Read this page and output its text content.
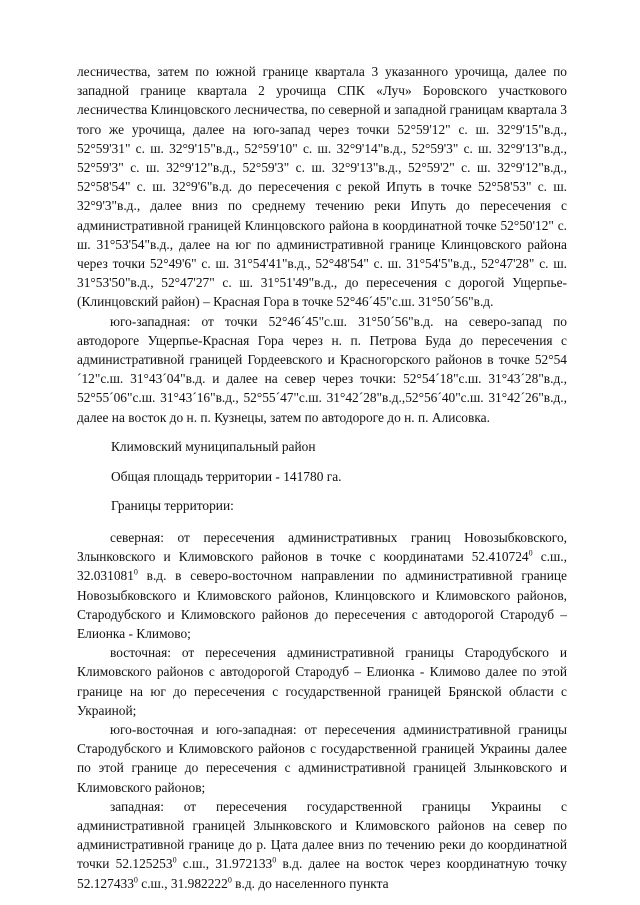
лесничества, затем по южной границе квартала 3 указанного урочища, далее по западной границе квартала 2 урочища СПК «Луч» Боровского участкового лесничества Клинцовского лесничества, по северной и западной границам квартала 3 того же урочища, далее на юго-запад через точки 52°59'12" с. ш. 32°9'15"в.д., 52°59'31" с. ш. 32°9'15"в.д., 52°59'10" с. ш. 32°9'14"в.д., 52°59'3" с. ш. 32°9'13"в.д., 52°59'3" с. ш. 32°9'12"в.д., 52°59'3" с. ш. 32°9'13"в.д., 52°59'2" с. ш. 32°9'12"в.д., 52°58'54" с. ш. 32°9'6"в.д. до пересечения с рекой Ипуть в точке 52°58'53" с. ш. 32°9'3"в.д., далее вниз по среднему течению реки Ипуть до пересечения с административной границей Клинцовского района в координатной точке 52°50'12" с. ш. 31°53'54"в.д., далее на юг по административной границе Клинцовского района через точки 52°49'6" с. ш. 31°54'41"в.д., 52°48'54" с. ш. 31°54'5"в.д., 52°47'28" с. ш. 31°53'50"в.д., 52°47'27" с. ш. 31°51'49"в.д., до пересечения с дорогой Ущерпье-(Клинцовский район) – Красная Гора в точке 52°46´45"с.ш. 31°50´56"в.д.

юго-западная: от точки 52°46´45"с.ш. 31°50´56"в.д. на северо-запад по автодороге Ущерпье-Красная Гора через н. п. Петрова Буда до пересечения с административной границей Гордеевского и Красногорского районов в точке 52°54´12"с.ш. 31°43´04"в.д. и далее на север через точки: 52°54´18"с.ш. 31°43´28"в.д., 52°55´06"с.ш. 31°43´16"в.д., 52°55´47"с.ш. 31°42´28"в.д.,52°56´40"с.ш. 31°42´26"в.д., далее на восток до н. п. Кузнецы, затем по автодороге до н. п. Алисовка.

Климовский муниципальный район

Общая площадь территории - 141780 га.

Границы территории:

северная: от пересечения административных границ Новозыбковского, Злынковского и Климовского районов в точке с координатами 52.410724$^0$ с.ш., 32.031081$^0$ в.д. в северо-восточном направлении по административной границе Новозыбковского и Климовского районов, Клинцовского и Климовского районов, Стародубского и Климовского районов до пересечения с автодорогой Стародуб – Елионка - Климово;

восточная: от пересечения административной границы Стародубского и Климовского районов с автодорогой Стародуб – Елионка - Климово далее по этой границе на юг до пересечения с государственной границей Брянской области с Украиной;

юго-восточная и юго-западная: от пересечения административной границы Стародубского и Климовского районов с государственной границей Украины далее по этой границе до пересечения с административной границей Злынковского и Климовского районов;

западная: от пересечения государственной границы Украины с административной границей Злынковского и Климовского районов на север по административной границе до р. Цата далее вниз по течению реки до координатной точки 52.125253$^0$ с.ш., 31.972133$^0$ в.д. далее на восток через координатную точку 52.127433$^0$ с.ш., 31.982222$^0$ в.д. до населенного пункта
